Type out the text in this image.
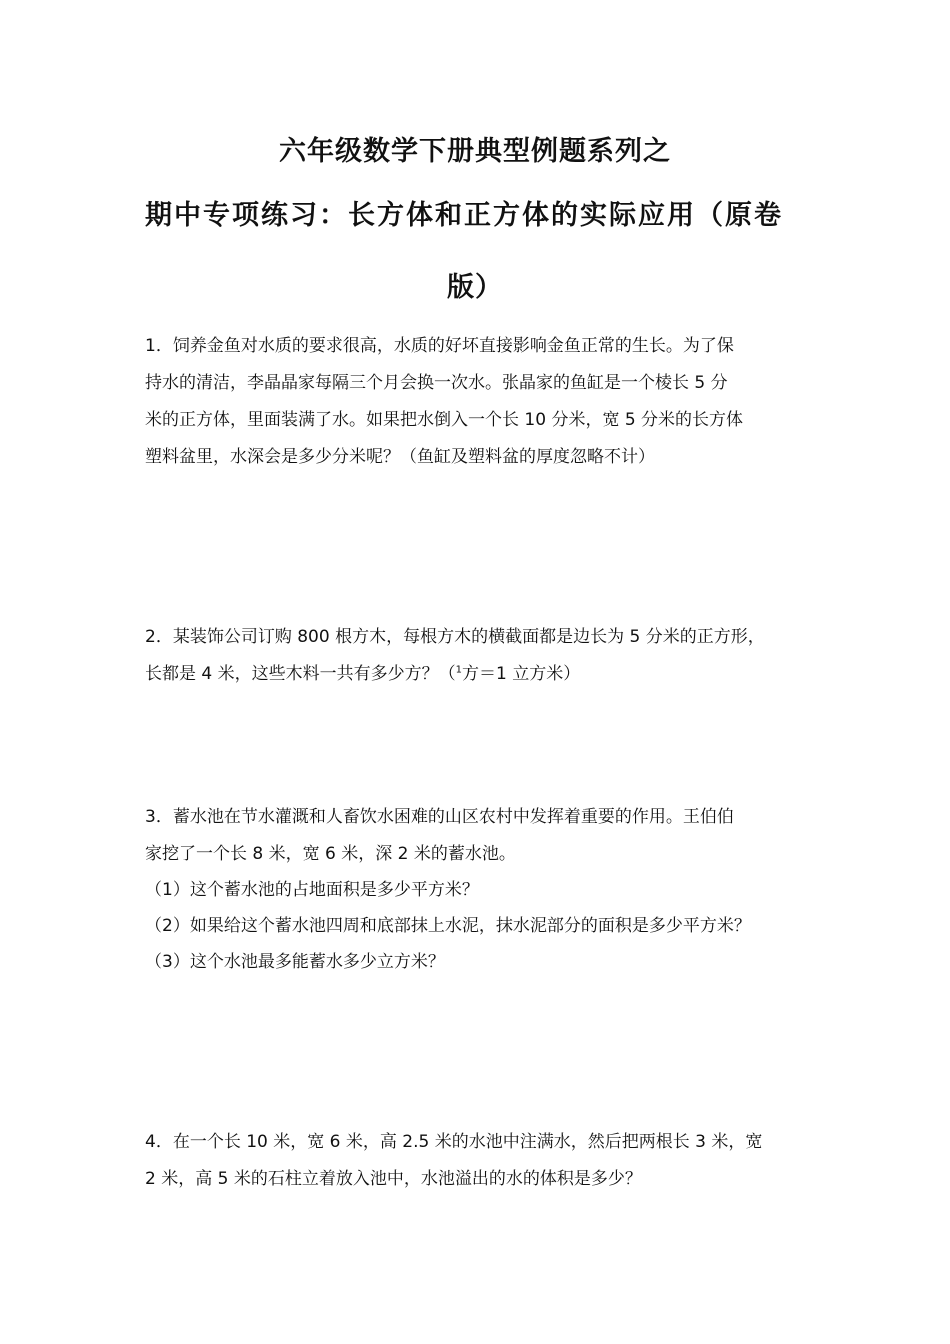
六年级数学下册典型例题系列之
期中专项练习：长方体和正方体的实际应用（原卷
版）
1．饲养金鱼对水质的要求很高，水质的好坏直接影响金鱼正常的生长。为了保
持水的清洁，李晶晶家每隔三个月会换一次水。张晶家的鱼缸是一个棱长 5 分
米的正方体，里面装满了水。如果把水倒入一个长 10 分米，宽 5 分米的长方体
塑料盆里，水深会是多少分米呢？（鱼缸及塑料盆的厚度忽略不计）
2．某装饰公司订购 800 根方木，每根方木的横截面都是边长为 5 分米的正方形，
长都是 4 米，这些木料一共有多少方？（$^1$方＝1 立方米）
3．蓄水池在节水灌溉和人畜饮水困难的山区农村中发挥着重要的作用。王伯伯
家挖了一个长 8 米，宽 6 米，深 2 米的蓄水池。
（1）这个蓄水池的占地面积是多少平方米？
（2）如果给这个蓄水池四周和底部抹上水泥，抹水泥部分的面积是多少平方米？
（3）这个水池最多能蓄水多少立方米？
4．在一个长 10 米，宽 6 米，高 2.5 米的水池中注满水，然后把两根长 3 米，宽
2 米，高 5 米的石柱立着放入池中，水池溢出的水的体积是多少？
